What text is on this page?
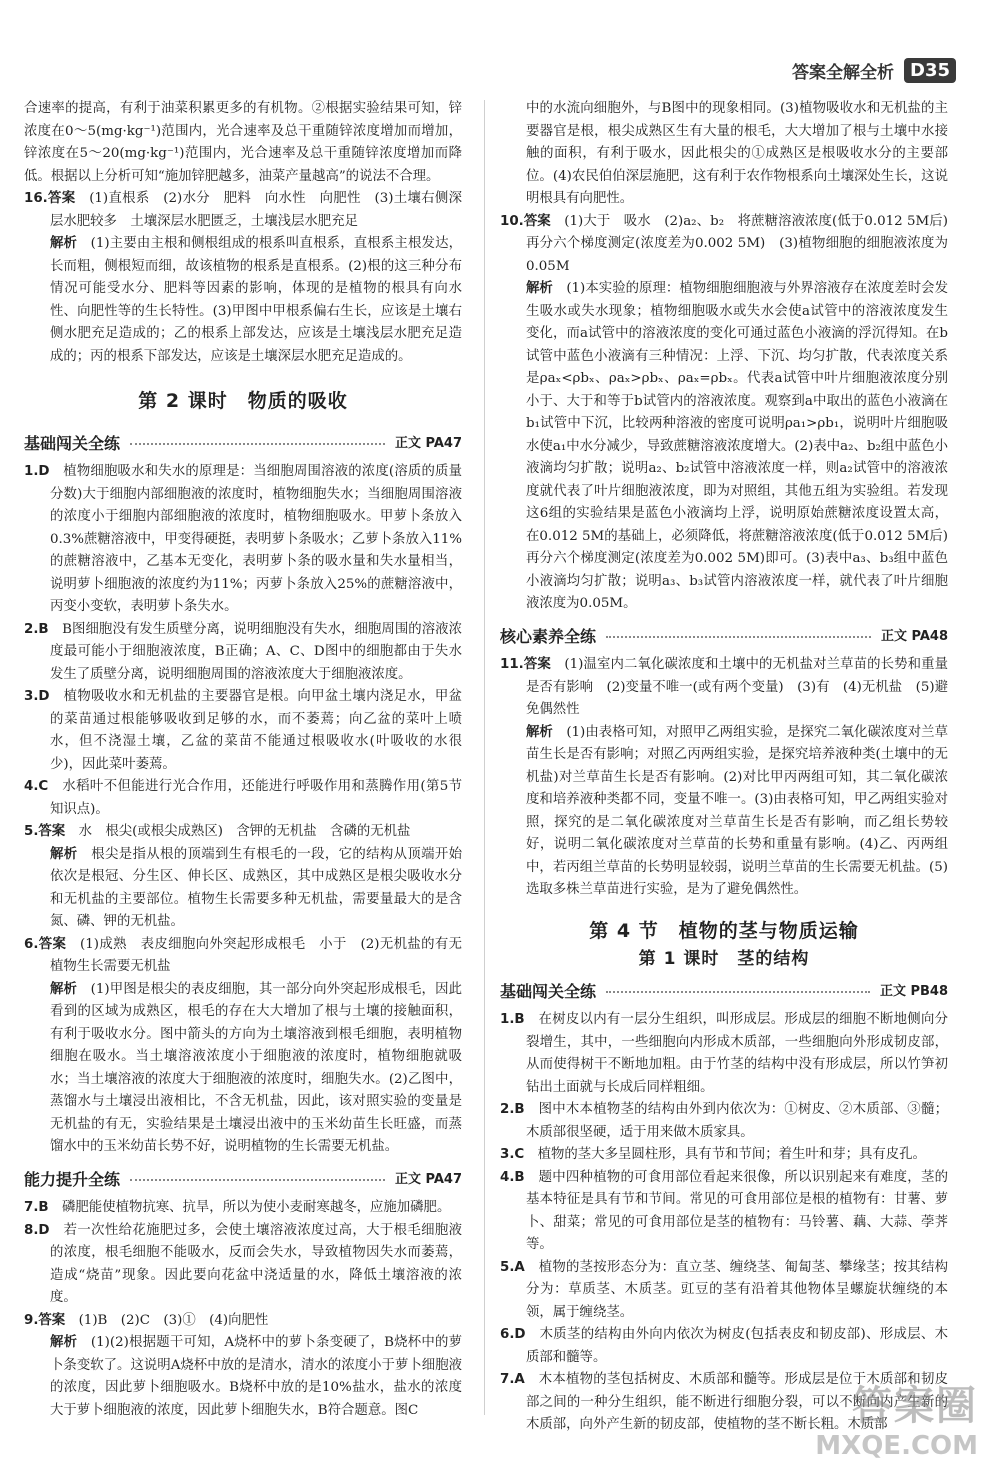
答案全解全析 D35

合速率的提高，有利于油菜积累更多的有机物。②根据实验结果可知，锌浓度在0～5(mg·kg⁻¹)范围内，光合速率及总干重随锌浓度增加而增加，锌浓度在5～20(mg·kg⁻¹)范围内，光合速率及总干重随锌浓度增加而降低。根据以上分析可知“施加锌肥越多，油菜产量越高”的说法不合理。

16.答案　 (1)直根系　(2)水分　肥料　向水性　向肥性　(3)土壤右侧深层水肥较多　土壤深层水肥匮乏，土壤浅层水肥充足

解析　 (1)主要由主根和侧根组成的根系叫直根系，直根系主根发达，长而粗，侧根短而细，故该植物的根系是直根系。(2)根的这三种分布情况可能受水分、肥料等因素的影响，体现的是植物的根具有向水性、向肥性等的生长特性。(3)甲图中甲根系偏右生长，应该是土壤右侧水肥充足造成的；乙的根系上部发达，应该是土壤浅层水肥充足造成的；丙的根系下部发达，应该是土壤深层水肥充足造成的。

第 2 课时　物质的吸收
基础闯关全练	正文 PA47

1.D　 植物细胞吸水和失水的原理是：当细胞周围溶液的浓度(溶质的质量分数)大于细胞内部细胞液的浓度时，植物细胞失水；当细胞周围溶液的浓度小于细胞内部细胞液的浓度时，植物细胞吸水。甲萝卜条放入0.3%蔗糖溶液中，甲变得硬挺，表明萝卜条吸水；乙萝卜条放入11%的蔗糖溶液中，乙基本无变化，表明萝卜条的吸水量和失水量相当，说明萝卜细胞液的浓度约为11%；丙萝卜条放入25%的蔗糖溶液中，丙变小变软，表明萝卜条失水。

2.B　 B图细胞没有发生质壁分离，说明细胞没有失水，细胞周围的溶液浓度最可能小于细胞液浓度，B正确；A、C、D图中的细胞都由于失水发生了质壁分离，说明细胞周围的溶液浓度大于细胞液浓度。

3.D　 植物吸收水和无机盐的主要器官是根。向甲盆土壤内浇足水，甲盆的菜苗通过根能够吸收到足够的水，而不萎蔫；向乙盆的菜叶上喷水，但不浇湿土壤，乙盆的菜苗不能通过根吸收水(叶吸收的水很少)，因此菜叶萎蔫。

4.C　 水稻叶不但能进行光合作用，还能进行呼吸作用和蒸腾作用(第5节知识点)。

5.答案　 水　根尖(或根尖成熟区)　含钾的无机盐　含磷的无机盐

解析　 根尖是指从根的顶端到生有根毛的一段，它的结构从顶端开始依次是根冠、分生区、伸长区、成熟区，其中成熟区是根尖吸收水分和无机盐的主要部位。植物生长需要多种无机盐，需要量最大的是含氮、磷、钾的无机盐。

6.答案　 (1)成熟　表皮细胞向外突起形成根毛　小于　(2)无机盐的有无　植物生长需要无机盐

解析　 (1)甲图是根尖的表皮细胞，其一部分向外突起形成根毛，因此看到的区域为成熟区，根毛的存在大大增加了根与土壤的接触面积，有利于吸收水分。图中箭头的方向为土壤溶液到根毛细胞，表明植物细胞在吸水。当土壤溶液浓度小于细胞液的浓度时，植物细胞就吸水；当土壤溶液的浓度大于细胞液的浓度时，细胞失水。(2)乙图中，蒸馏水与土壤浸出液相比，不含无机盐，因此，该对照实验的变量是无机盐的有无，实验结果是土壤浸出液中的玉米幼苗生长旺盛，而蒸馏水中的玉米幼苗长势不好，说明植物的生长需要无机盐。

能力提升全练	正文 PA47

7.B　 磷肥能使植物抗寒、抗旱，所以为使小麦耐寒越冬，应施加磷肥。

8.D　 若一次性给花施肥过多，会使土壤溶液浓度过高，大于根毛细胞液的浓度，根毛细胞不能吸水，反而会失水，导致植物因失水而萎蔫，造成“烧苗”现象。因此要向花盆中浇适量的水，降低土壤溶液的浓度。

9.答案　 (1)B　(2)C　(3)①　(4)向肥性

解析　 (1)(2)根据题干可知，A烧杯中的萝卜条变硬了，B烧杯中的萝卜条变软了。这说明A烧杯中放的是清水，清水的浓度小于萝卜细胞液的浓度，因此萝卜细胞吸水。B烧杯中放的是10%盐水，盐水的浓度大于萝卜细胞液的浓度，因此萝卜细胞失水，B符合题意。图C

中的水流向细胞外，与B图中的现象相同。(3)植物吸收水和无机盐的主要器官是根，根尖成熟区生有大量的根毛，大大增加了根与土壤中水接触的面积，有利于吸水，因此根尖的①成熟区是根吸收水分的主要部位。(4)农民伯伯深层施肥，这有利于农作物根系向土壤深处生长，这说明根具有向肥性。

10.答案　 (1)大于　吸水　(2)a₂、b₂　将蔗糖溶液浓度(低于0.012 5M后)再分六个梯度测定(浓度差为0.002 5M)　(3)植物细胞的细胞液浓度为0.05M

解析　 (1)本实验的原理：植物细胞细胞液与外界溶液存在浓度差时会发生吸水或失水现象；植物细胞吸水或失水会使a试管中的溶液浓度发生变化，而a试管中的溶液浓度的变化可通过蓝色小液滴的浮沉得知。在b试管中蓝色小液滴有三种情况：上浮、下沉、均匀扩散，代表浓度关系是ρaₓ<ρbₓ、ρaₓ>ρbₓ、ρaₓ=ρbₓ。代表a试管中叶片细胞液浓度分别小于、大于和等于b试管内的溶液浓度。观察到a中取出的蓝色小液滴在b₁试管中下沉，比较两种溶液的密度可说明ρa₁>ρb₁，说明叶片细胞吸水使a₁中水分减少，导致蔗糖溶液浓度增大。(2)表中a₂、b₂组中蓝色小液滴均匀扩散；说明a₂、b₂试管中溶液浓度一样，则a₂试管中的溶液浓度就代表了叶片细胞液浓度，即为对照组，其他五组为实验组。若发现这6组的实验结果是蓝色小液滴均上浮，说明原始蔗糖浓度设置太高，在0.012 5M的基础上，必须降低，将蔗糖溶液浓度(低于0.012 5M后)再分六个梯度测定(浓度差为0.002 5M)即可。(3)表中a₃、b₃组中蓝色小液滴均匀扩散；说明a₃、b₃试管内溶液浓度一样，就代表了叶片细胞液浓度为0.05M。

核心素养全练	正文 PA48

11.答案　 (1)温室内二氧化碳浓度和土壤中的无机盐对兰草苗的长势和重量是否有影响　(2)变量不唯一(或有两个变量)　(3)有　(4)无机盐　(5)避免偶然性

解析　 (1)由表格可知，对照甲乙两组实验，是探究二氧化碳浓度对兰草苗生长是否有影响；对照乙丙两组实验，是探究培养液种类(土壤中的无机盐)对兰草苗生长是否有影响。(2)对比甲丙两组可知，其二氧化碳浓度和培养液种类都不同，变量不唯一。(3)由表格可知，甲乙两组实验对照，探究的是二氧化碳浓度对兰草苗生长是否有影响，而乙组长势较好，说明二氧化碳浓度对兰草苗的长势和重量有影响。(4)乙、丙两组中，若丙组兰草苗的长势明显较弱，说明兰草苗的生长需要无机盐。(5)选取多株兰草苗进行实验，是为了避免偶然性。

第 4 节　植物的茎与物质运输
第 1 课时　茎的结构
基础闯关全练	正文 PB48

1.B　 在树皮以内有一层分生组织，叫形成层。形成层的细胞不断地侧向分裂增生，其中，一些细胞向内形成木质部，一些细胞向外形成韧皮部，从而使得树干不断地加粗。由于竹茎的结构中没有形成层，所以竹笋初钻出土面就与长成后同样粗细。

2.B　 图中木本植物茎的结构由外到内依次为：①树皮、②木质部、③髓；木质部很坚硬，适于用来做木质家具。

3.C　 植物的茎大多呈圆柱形，具有节和节间；着生叶和芽；具有皮孔。

4.B　 题中四种植物的可食用部位看起来很像，所以识别起来有难度，茎的基本特征是具有节和节间。常见的可食用部位是根的植物有：甘薯、萝卜、甜菜；常见的可食用部位是茎的植物有：马铃薯、藕、大蒜、荸荠等。

5.A　 植物的茎按形态分为：直立茎、缠绕茎、匍匐茎、攀缘茎；按其结构分为：草质茎、木质茎。豇豆的茎有沿着其他物体呈螺旋状缠绕的本领，属于缠绕茎。

6.D　 木质茎的结构由外向内依次为树皮(包括表皮和韧皮部)、形成层、木质部和髓等。

7.A　 木本植物的茎包括树皮、木质部和髓等。形成层是位于木质部和韧皮部之间的一种分生组织，能不断进行细胞分裂，可以不断向内产生新的木质部，向外产生新的韧皮部，使植物的茎不断长粗。木质部

答案圈
MXQE.COM
